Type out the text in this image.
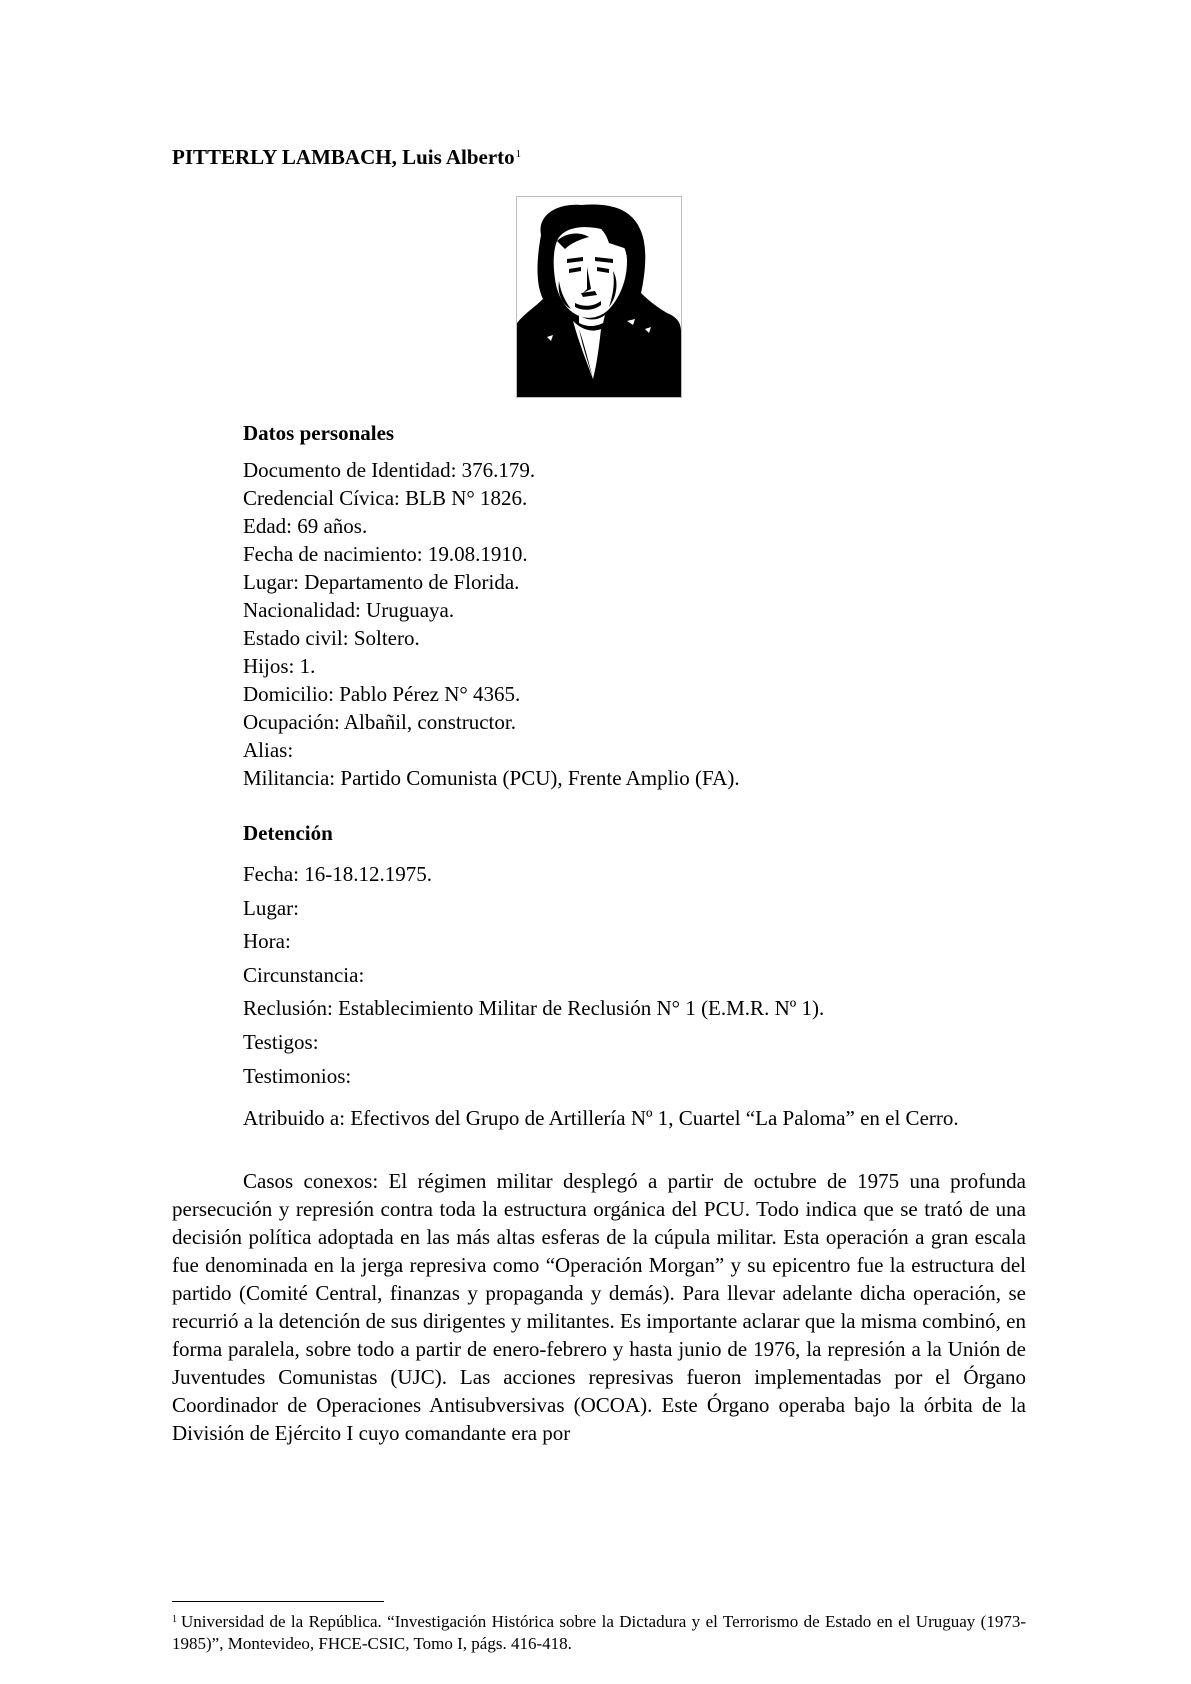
PITTERLY LAMBACH, Luis Alberto$^1$
Datos personales
Documento de Identidad: 376.179.
Credencial Cívica: BLB N° 1826.
Edad: 69 años.
Fecha de nacimiento: 19.08.1910.
Lugar: Departamento de Florida.
Nacionalidad: Uruguaya.
Estado civil: Soltero.
Hijos: 1.
Domicilio: Pablo Pérez N° 4365.
Ocupación: Albañil, constructor.
Alias:
Militancia: Partido Comunista (PCU), Frente Amplio (FA).
Detención
Fecha: 16-18.12.1975.
Lugar:
Hora:
Circunstancia:
Reclusión: Establecimiento Militar de Reclusión N° 1 (E.M.R. Nº 1).
Testigos:
Testimonios:
Atribuido a: Efectivos del Grupo de Artillería Nº 1, Cuartel “La Paloma” en el Cerro.
Casos conexos: El régimen militar desplegó a partir de octubre de 1975 una profunda persecución y represión contra toda la estructura orgánica del PCU. Todo indica que se trató de una decisión política adoptada en las más altas esferas de la cúpula militar. Esta operación a gran escala fue denominada en la jerga represiva como “Operación Morgan” y su epicentro fue la estructura del partido (Comité Central, finanzas y propaganda y demás). Para llevar adelante dicha operación, se recurrió a la detención de sus dirigentes y militantes. Es importante aclarar que la misma combinó, en forma paralela, sobre todo a partir de enero-febrero y hasta junio de 1976, la represión a la Unión de Juventudes Comunistas (UJC). Las acciones represivas fueron implementadas por el Órgano Coordinador de Operaciones Antisubversivas (OCOA). Este Órgano operaba bajo la órbita de la División de Ejército I cuyo comandante era por
$^1$ Universidad de la República. “Investigación Histórica sobre la Dictadura y el Terrorismo de Estado en el Uruguay (1973-1985)”, Montevideo, FHCE-CSIC, Tomo I, págs. 416-418.
